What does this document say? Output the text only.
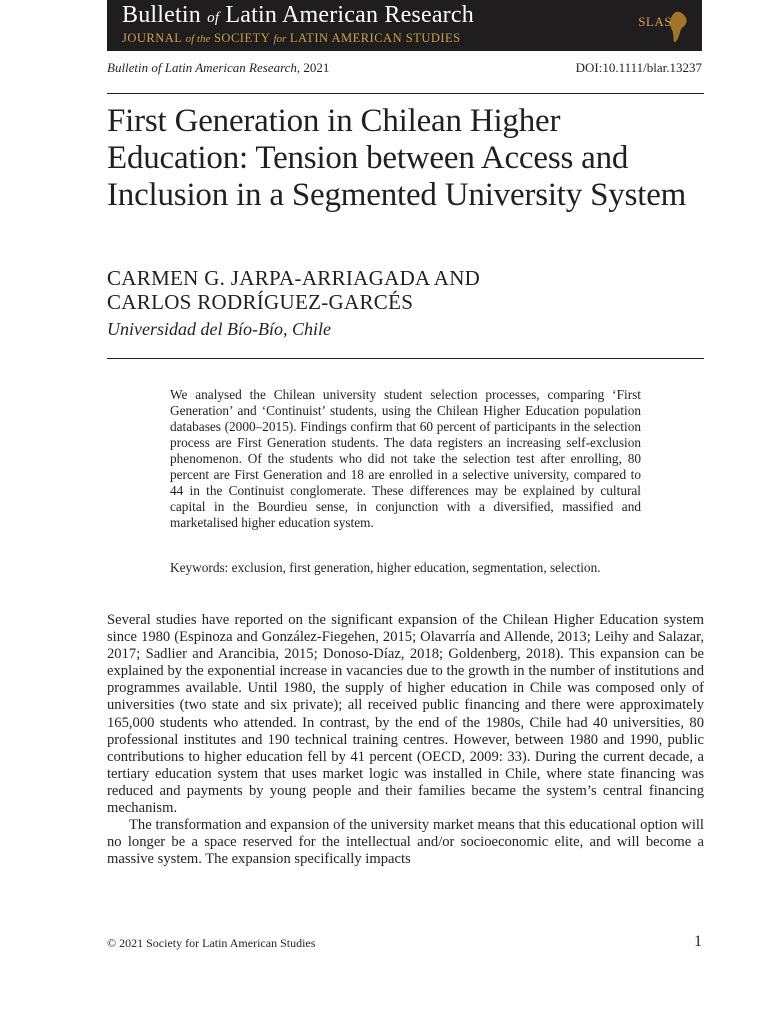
Bulletin of Latin American Research
JOURNAL of the SOCIETY for LATIN AMERICAN STUDIES
SLAS
Bulletin of Latin American Research, 2021	DOI:10.1111/blar.13237
First Generation in Chilean Higher Education: Tension between Access and Inclusion in a Segmented University System
CARMEN G. JARPA-ARRIAGADA AND
CARLOS RODRÍGUEZ-GARCÉS
Universidad del Bío-Bío, Chile

We analysed the Chilean university student selection processes, comparing ‘First Generation’ and ‘Continuist’ students, using the Chilean Higher Education population databases (2000–2015). Findings confirm that 60 percent of participants in the selection process are First Generation students. The data registers an increasing self-exclusion phenomenon. Of the students who did not take the selection test after enrolling, 80 percent are First Generation and 18 are enrolled in a selective university, compared to 44 in the Continuist conglomerate. These differences may be explained by cultural capital in the Bourdieu sense, in conjunction with a diversified, massified and marketalised higher education system.

Keywords: exclusion, first generation, higher education, segmentation, selection.

Several studies have reported on the significant expansion of the Chilean Higher Education system since 1980 (Espinoza and González-Fiegehen, 2015; Olavarría and Allende, 2013; Leihy and Salazar, 2017; Sadlier and Arancibia, 2015; Donoso-Díaz, 2018; Goldenberg, 2018). This expansion can be explained by the exponential increase in vacancies due to the growth in the number of institutions and programmes available. Until 1980, the supply of higher education in Chile was composed only of universities (two state and six private); all received public financing and there were approximately 165,000 students who attended. In contrast, by the end of the 1980s, Chile had 40 universities, 80 professional institutes and 190 technical training centres. However, between 1980 and 1990, public contributions to higher education fell by 41 percent (OECD, 2009: 33). During the current decade, a tertiary education system that uses market logic was installed in Chile, where state financing was reduced and payments by young people and their families became the system’s central financing mechanism.

The transformation and expansion of the university market means that this educational option will no longer be a space reserved for the intellectual and/or socioeconomic elite, and will become a massive system. The expansion specifically impacts

© 2021 Society for Latin American Studies	1
